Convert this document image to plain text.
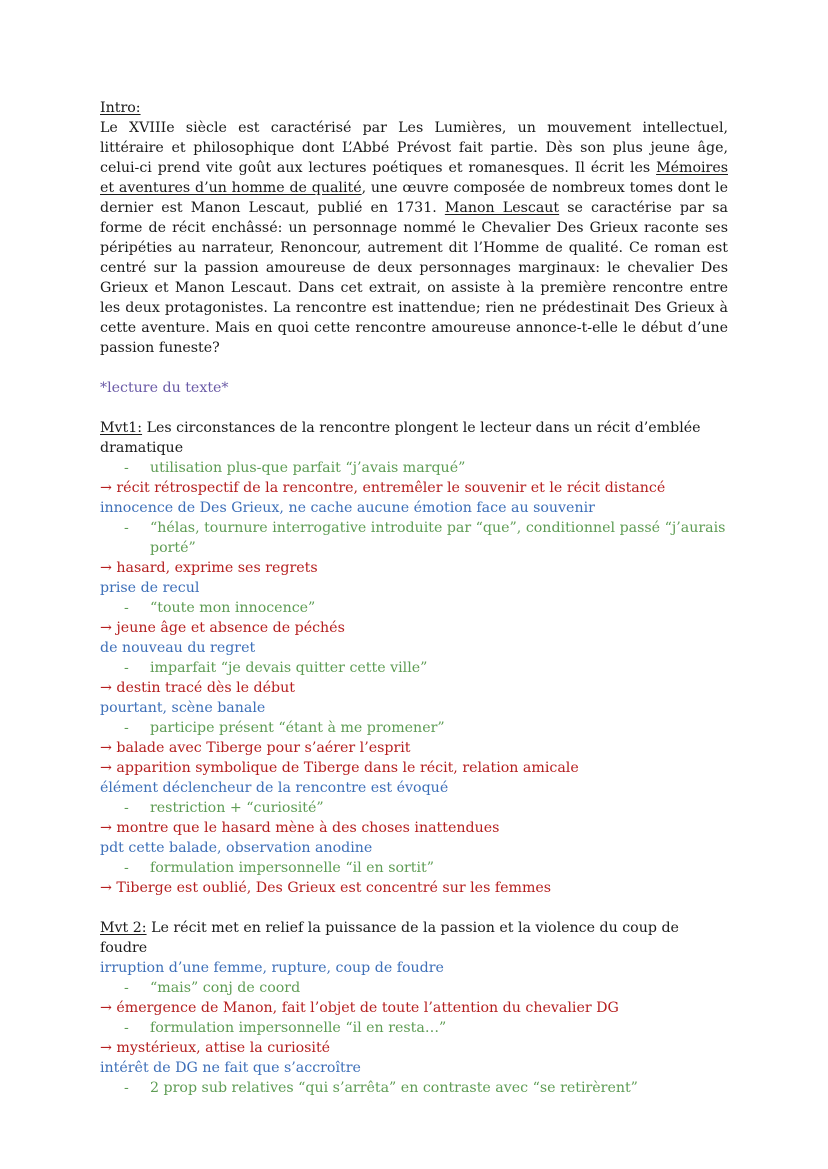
Intro:
Le XVIIIe siècle est caractérisé par Les Lumières, un mouvement intellectuel, littéraire et philosophique dont L’Abbé Prévost fait partie. Dès son plus jeune âge, celui-ci prend vite goût aux lectures poétiques et romanesques. Il écrit les Mémoires et aventures d’un homme de qualité, une œuvre composée de nombreux tomes dont le dernier est Manon Lescaut, publié en 1731. Manon Lescaut se caractérise par sa forme de récit enchâssé: un personnage nommé le Chevalier Des Grieux raconte ses péripéties au narrateur, Renoncour, autrement dit l’Homme de qualité. Ce roman est centré sur la passion amoureuse de deux personnages marginaux: le chevalier Des Grieux et Manon Lescaut. Dans cet extrait, on assiste à la première rencontre entre les deux protagonistes. La rencontre est inattendue; rien ne prédestinait Des Grieux à cette aventure. Mais en quoi cette rencontre amoureuse annonce-t-elle le début d’une passion funeste?
*lecture du texte*
Mvt1: Les circonstances de la rencontre plongent le lecteur dans un récit d’emblée dramatique
-	utilisation plus-que parfait “j’avais marqué”
→ récit rétrospectif de la rencontre, entremêler le souvenir et le récit distancé
innocence de Des Grieux, ne cache aucune émotion face au souvenir
-	“hélas, tournure interrogative introduite par “que”, conditionnel passé “j’aurais porté”
→ hasard, exprime ses regrets
prise de recul
-	“toute mon innocence”
→ jeune âge et absence de péchés
de nouveau du regret
-	imparfait “je devais quitter cette ville”
→ destin tracé dès le début
pourtant, scène banale
-	participe présent “étant à me promener”
→ balade avec Tiberge pour s’aérer l’esprit
→ apparition symbolique de Tiberge dans le récit, relation amicale
élément déclencheur de la rencontre est évoqué
-	restriction + “curiosité”
→ montre que le hasard mène à des choses inattendues
pdt cette balade, observation anodine
-	formulation impersonnelle “il en sortit”
→ Tiberge est oublié, Des Grieux est concentré sur les femmes
Mvt 2: Le récit met en relief la puissance de la passion et la violence du coup de foudre
irruption d’une femme, rupture, coup de foudre
-	“mais” conj de coord
→ émergence de Manon, fait l’objet de toute l’attention du chevalier DG
-	formulation impersonnelle “il en resta…”
→ mystérieux, attise la curiosité
intérêt de DG ne fait que s’accroître
-	2 prop sub relatives “qui s’arrêta” en contraste avec “se retirèrent”
